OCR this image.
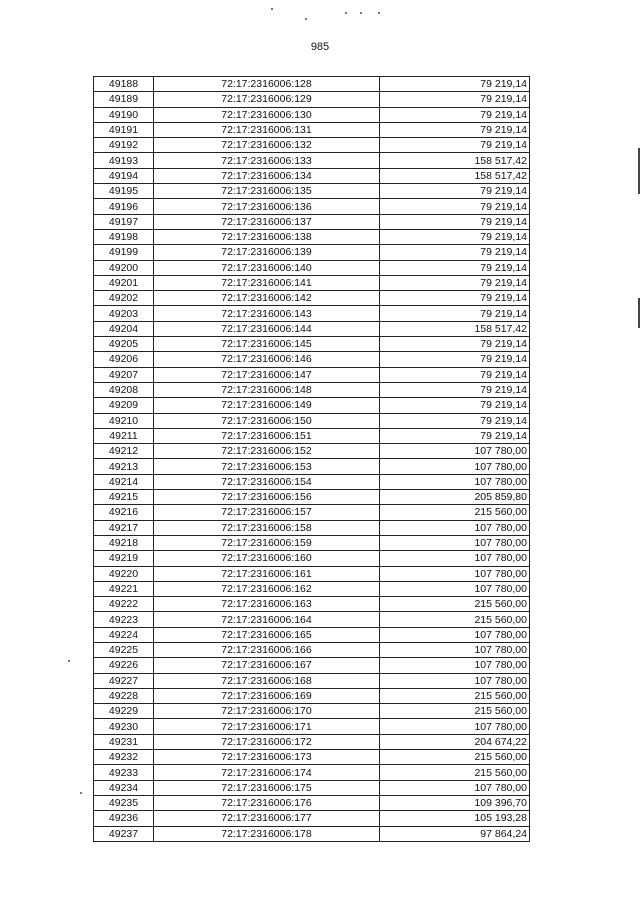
985
49188	72:17:2316006:128	79 219,14
49189	72:17:2316006:129	79 219,14
49190	72:17:2316006:130	79 219,14
49191	72:17:2316006:131	79 219,14
49192	72:17:2316006:132	79 219,14
49193	72:17:2316006:133	158 517,42
49194	72:17:2316006:134	158 517,42
49195	72:17:2316006:135	79 219,14
49196	72:17:2316006:136	79 219,14
49197	72:17:2316006:137	79 219,14
49198	72:17:2316006:138	79 219,14
49199	72:17:2316006:139	79 219,14
49200	72:17:2316006:140	79 219,14
49201	72:17:2316006:141	79 219,14
49202	72:17:2316006:142	79 219,14
49203	72:17:2316006:143	79 219,14
49204	72:17:2316006:144	158 517,42
49205	72:17:2316006:145	79 219,14
49206	72:17:2316006:146	79 219,14
49207	72:17:2316006:147	79 219,14
49208	72:17:2316006:148	79 219,14
49209	72:17:2316006:149	79 219,14
49210	72:17:2316006:150	79 219,14
49211	72:17:2316006:151	79 219,14
49212	72:17:2316006:152	107 780,00
49213	72:17:2316006:153	107 780,00
49214	72:17:2316006:154	107 780,00
49215	72:17:2316006:156	205 859,80
49216	72:17:2316006:157	215 560,00
49217	72:17:2316006:158	107 780,00
49218	72:17:2316006:159	107 780,00
49219	72:17:2316006:160	107 780,00
49220	72:17:2316006:161	107 780,00
49221	72:17:2316006:162	107 780,00
49222	72:17:2316006:163	215 560,00
49223	72:17:2316006:164	215 560,00
49224	72:17:2316006:165	107 780,00
49225	72:17:2316006:166	107 780,00
49226	72:17:2316006:167	107 780,00
49227	72:17:2316006:168	107 780,00
49228	72:17:2316006:169	215 560,00
49229	72:17:2316006:170	215 560,00
49230	72:17:2316006:171	107 780,00
49231	72:17:2316006:172	204 674,22
49232	72:17:2316006:173	215 560,00
49233	72:17:2316006:174	215 560,00
49234	72:17:2316006:175	107 780,00
49235	72:17:2316006:176	109 396,70
49236	72:17:2316006:177	105 193,28
49237	72:17:2316006:178	97 864,24
